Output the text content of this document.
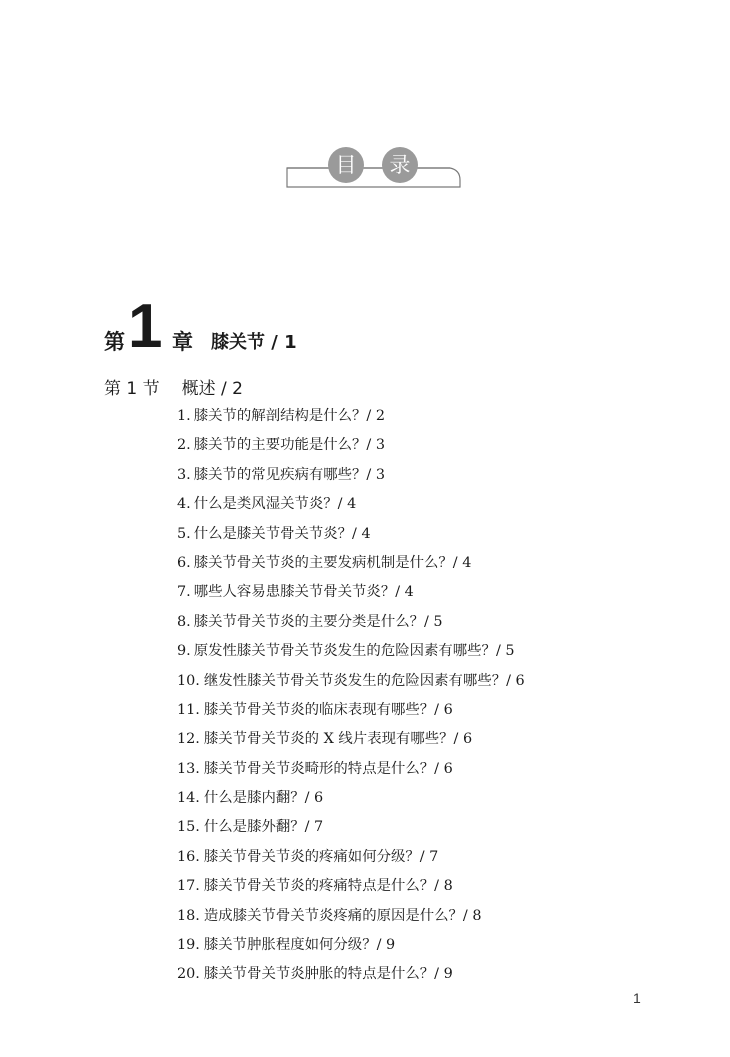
目	录
第 1 章 膝关节 / 1
第 1 节 概述 / 2
1. 膝关节的解剖结构是什么？/ 2
2. 膝关节的主要功能是什么？/ 3
3. 膝关节的常见疾病有哪些？/ 3
4. 什么是类风湿关节炎？/ 4
5. 什么是膝关节骨关节炎？/ 4
6. 膝关节骨关节炎的主要发病机制是什么？/ 4
7. 哪些人容易患膝关节骨关节炎？/ 4
8. 膝关节骨关节炎的主要分类是什么？/ 5
9. 原发性膝关节骨关节炎发生的危险因素有哪些？/ 5
10. 继发性膝关节骨关节炎发生的危险因素有哪些？/ 6
11. 膝关节骨关节炎的临床表现有哪些？/ 6
12. 膝关节骨关节炎的 X 线片表现有哪些？/ 6
13. 膝关节骨关节炎畸形的特点是什么？/ 6
14. 什么是膝内翻？/ 6
15. 什么是膝外翻？/ 7
16. 膝关节骨关节炎的疼痛如何分级？/ 7
17. 膝关节骨关节炎的疼痛特点是什么？/ 8
18. 造成膝关节骨关节炎疼痛的原因是什么？/ 8
19. 膝关节肿胀程度如何分级？/ 9
20. 膝关节骨关节炎肿胀的特点是什么？/ 9
1
